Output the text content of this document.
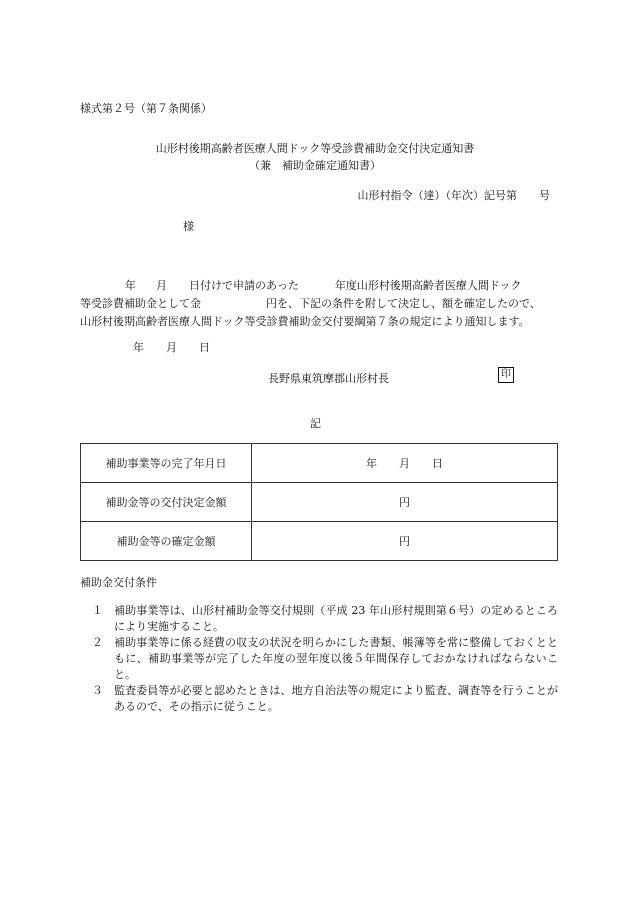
様式第２号（第７条関係）
山形村後期高齢者医療人間ドック等受診費補助金交付決定通知書
（兼　補助金確定通知書）
山形村指令（達）（年次）記号第　　号
様
年 月 日付けで申請のあった	年度山形村後期高齢者医療人間ドック
等受診費補助金として金	円を、下記の条件を附して決定し、額を確定したので、
山形村後期高齢者医療人間ドック等受診費補助金交付要綱第７条の規定により通知します。
年 月 日
長野県東筑摩郡山形村長	印
記
補助事業等の完了年月日	年　　月　　日
補助金等の交付決定金額	円
補助金等の確定金額	円
補助金交付条件
１ 補助事業等は、山形村補助金等交付規則（平成 23 年山形村規則第６号）の定めるところにより実施すること。
２ 補助事業等に係る経費の収支の状況を明らかにした書類、帳簿等を常に整備しておくとともに、補助事業等が完了した年度の翌年度以後５年間保存しておかなければならないこと。
３ 監査委員等が必要と認めたときは、地方自治法等の規定により監査、調査等を行うことがあるので、その指示に従うこと。
